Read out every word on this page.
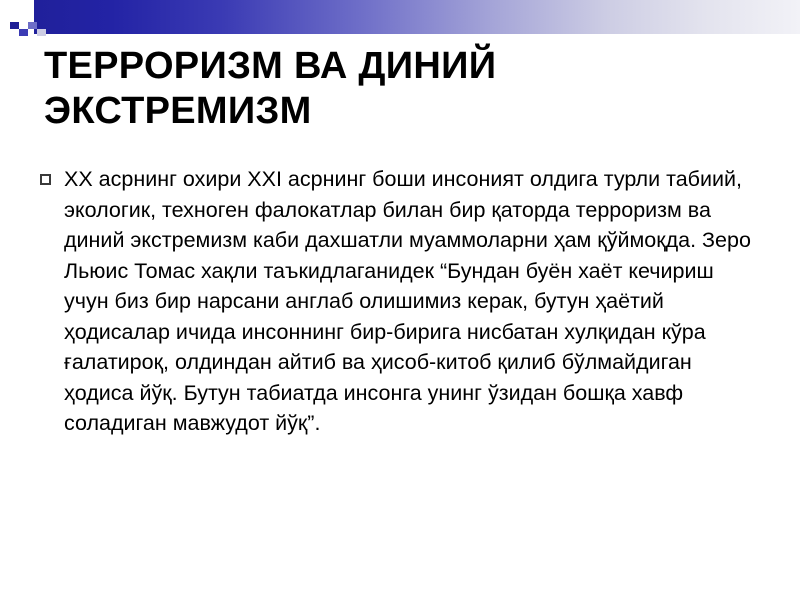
ТЕРРОРИЗМ ВА ДИНИЙ ЭКСТРЕМИЗМ
XX асрнинг охири XXI асрнинг боши инсоният олдига турли табиий, экологик, техноген фалокатлар билан бир қаторда терроризм ва диний экстремизм каби дахшатли муаммоларни ҳам қўймоқда. Зеро Льюис Томас хақли таъкидлаганидек “Бундан буён хаёт кечириш учун биз бир нарсани англаб олишимиз керак, бутун ҳаётий ҳодисалар ичида инсоннинг бир-бирига нисбатан хулқидан кўра ғалатироқ, олдиндан айтиб ва ҳисоб-китоб қилиб бўлмайдиган ҳодиса йўқ. Бутун табиатда инсонга унинг ўзидан бошқа хавф соладиган мавжудот йўқ”.
